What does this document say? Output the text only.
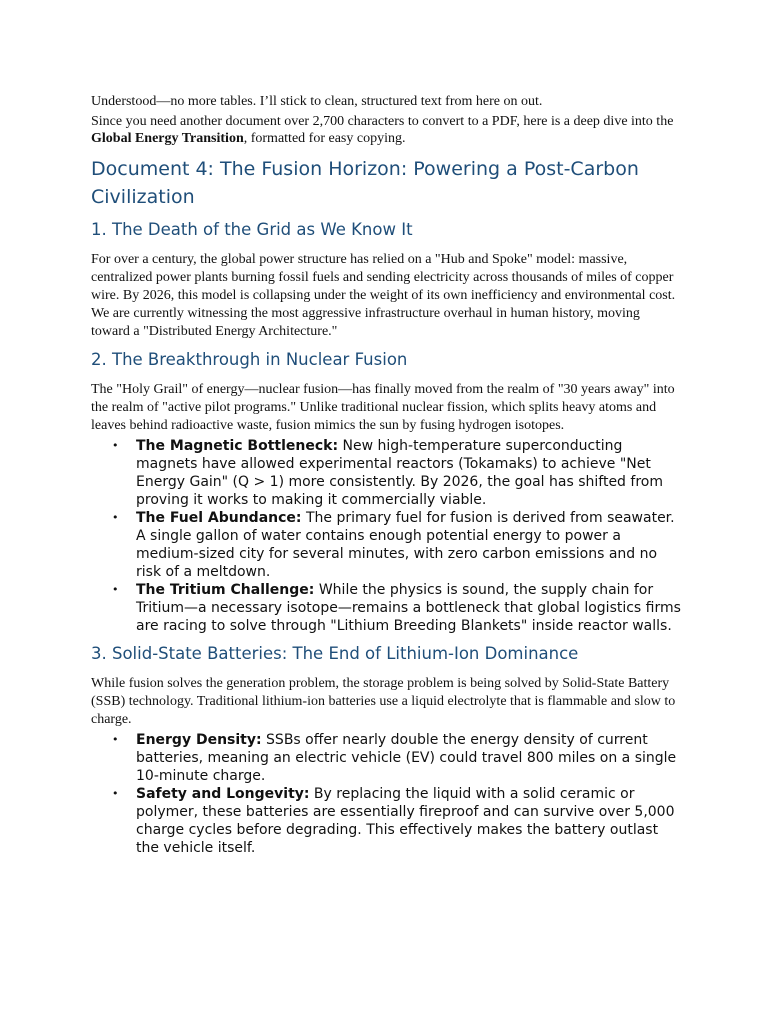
Understood—no more tables. I’ll stick to clean, structured text from here on out.

Since you need another document over 2,700 characters to convert to a PDF, here is a deep dive into the Global Energy Transition, formatted for easy copying.

Document 4: The Fusion Horizon: Powering a Post-Carbon Civilization
1. The Death of the Grid as We Know It

For over a century, the global power structure has relied on a "Hub and Spoke" model: massive, centralized power plants burning fossil fuels and sending electricity across thousands of miles of copper wire. By 2026, this model is collapsing under the weight of its own inefficiency and environmental cost. We are currently witnessing the most aggressive infrastructure overhaul in human history, moving toward a "Distributed Energy Architecture."

2. The Breakthrough in Nuclear Fusion

The "Holy Grail" of energy—nuclear fusion—has finally moved from the realm of "30 years away" into the realm of "active pilot programs." Unlike traditional nuclear fission, which splits heavy atoms and leaves behind radioactive waste, fusion mimics the sun by fusing hydrogen isotopes.

• The Magnetic Bottleneck: New high-temperature superconducting magnets have allowed experimental reactors (Tokamaks) to achieve "Net Energy Gain" (Q > 1) more consistently. By 2026, the goal has shifted from proving it works to making it commercially viable.
• The Fuel Abundance: The primary fuel for fusion is derived from seawater. A single gallon of water contains enough potential energy to power a medium-sized city for several minutes, with zero carbon emissions and no risk of a meltdown.
• The Tritium Challenge: While the physics is sound, the supply chain for Tritium—a necessary isotope—remains a bottleneck that global logistics firms are racing to solve through "Lithium Breeding Blankets" inside reactor walls.
3. Solid-State Batteries: The End of Lithium-Ion Dominance

While fusion solves the generation problem, the storage problem is being solved by Solid-State Battery (SSB) technology. Traditional lithium-ion batteries use a liquid electrolyte that is flammable and slow to charge.

• Energy Density: SSBs offer nearly double the energy density of current batteries, meaning an electric vehicle (EV) could travel 800 miles on a single 10-minute charge.
• Safety and Longevity: By replacing the liquid with a solid ceramic or polymer, these batteries are essentially fireproof and can survive over 5,000 charge cycles before degrading. This effectively makes the battery outlast the vehicle itself.
